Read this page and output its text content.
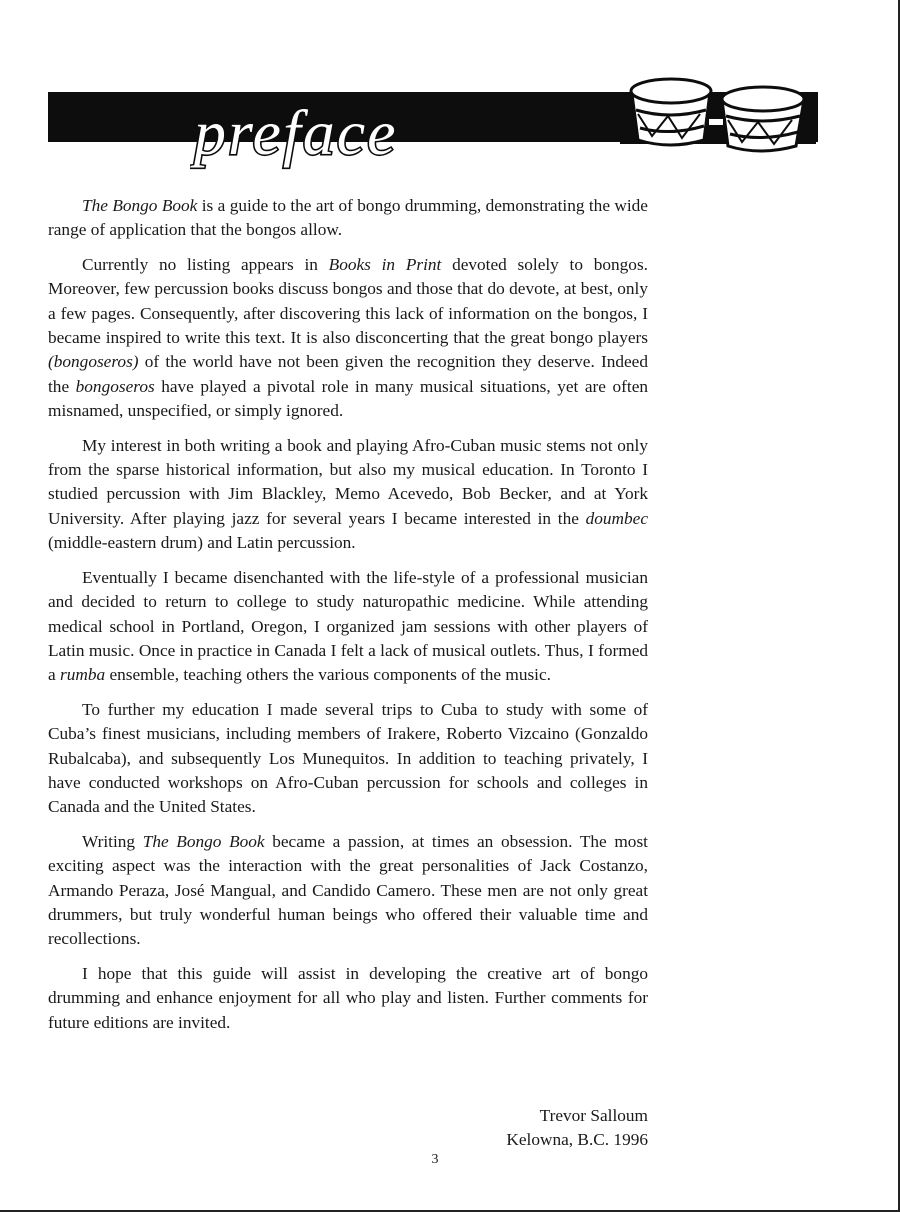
preface

The Bongo Book is a guide to the art of bongo drumming, demonstrating the wide range of application that the bongos allow.

Currently no listing appears in Books in Print devoted solely to bongos. Moreover, few percussion books discuss bongos and those that do devote, at best, only a few pages. Consequently, after discovering this lack of information on the bongos, I became inspired to write this text. It is also disconcerting that the great bongo players (bongoseros) of the world have not been given the recognition they deserve. Indeed the bongoseros have played a pivotal role in many musical situations, yet are often misnamed, unspecified, or simply ignored.

My interest in both writing a book and playing Afro-Cuban music stems not only from the sparse historical information, but also my musical education. In Toronto I studied percussion with Jim Blackley, Memo Acevedo, Bob Becker, and at York University. After playing jazz for several years I became interested in the doumbec (middle-eastern drum) and Latin percussion.

Eventually I became disenchanted with the life-style of a professional musician and decided to return to college to study naturopathic medicine. While attending medical school in Portland, Oregon, I organized jam sessions with other players of Latin music. Once in practice in Canada I felt a lack of musical outlets. Thus, I formed a rumba ensemble, teaching others the various components of the music.

To further my education I made several trips to Cuba to study with some of Cuba’s finest musicians, including members of Irakere, Roberto Vizcaino (Gonzaldo Rubalcaba), and subsequently Los Munequitos. In addition to teaching privately, I have conducted workshops on Afro-Cuban percussion for schools and colleges in Canada and the United States.

Writing The Bongo Book became a passion, at times an obsession. The most exciting aspect was the interaction with the great personalities of Jack Costanzo, Armando Peraza, José Mangual, and Candido Camero. These men are not only great drummers, but truly wonderful human beings who offered their valuable time and recollections.

I hope that this guide will assist in developing the creative art of bongo drumming and enhance enjoyment for all who play and listen. Further comments for future editions are invited.

Trevor Salloum
Kelowna, B.C. 1996
3
